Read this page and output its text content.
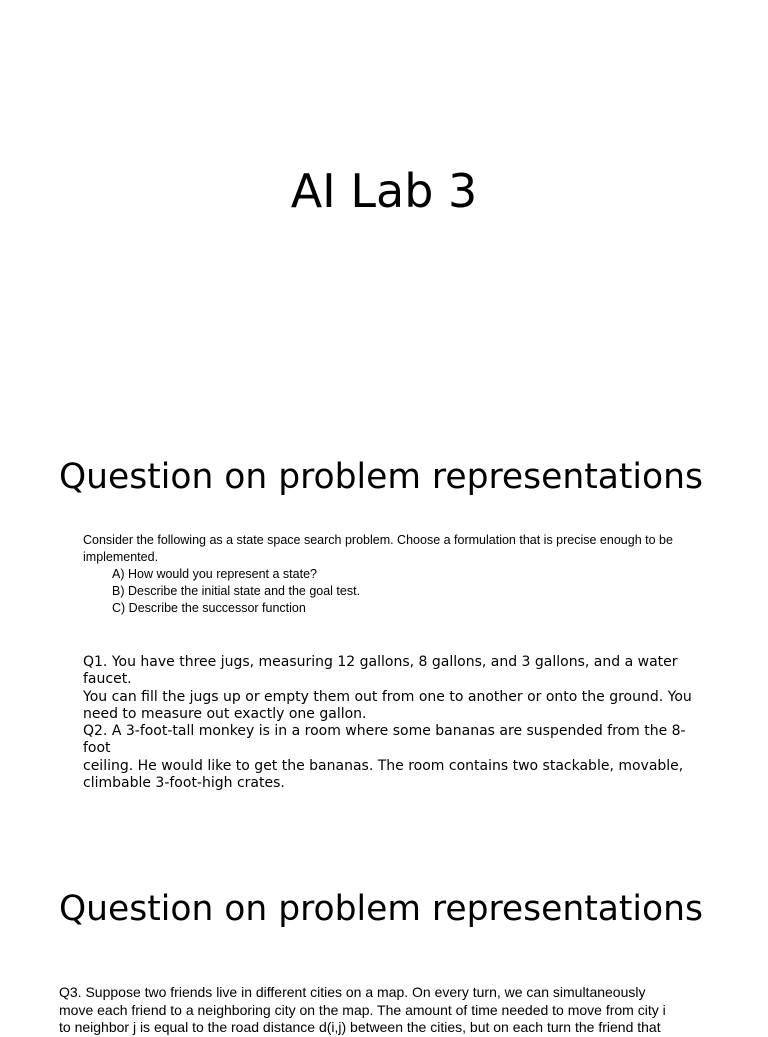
AI Lab 3
Question on problem representations

Consider the following as a state space search problem. Choose a formulation that is precise enough to be implemented.

A) How would you represent a state?
B) Describe the initial state and the goal test.
C) Describe the successor function
Q1. You have three jugs, measuring 12 gallons, 8 gallons, and 3 gallons, and a water faucet.
You can fill the jugs up or empty them out from one to another or onto the ground. You
need to measure out exactly one gallon.
Q2. A 3-foot-tall monkey is in a room where some bananas are suspended from the 8-foot
ceiling. He would like to get the bananas. The room contains two stackable, movable,
climbable 3-foot-high crates.
Question on problem representations
Q3. Suppose two friends live in different cities on a map. On every turn, we can simultaneously
move each friend to a neighboring city on the map. The amount of time needed to move from city i
to neighbor j is equal to the road distance d(i,j) between the cities, but on each turn the friend that
